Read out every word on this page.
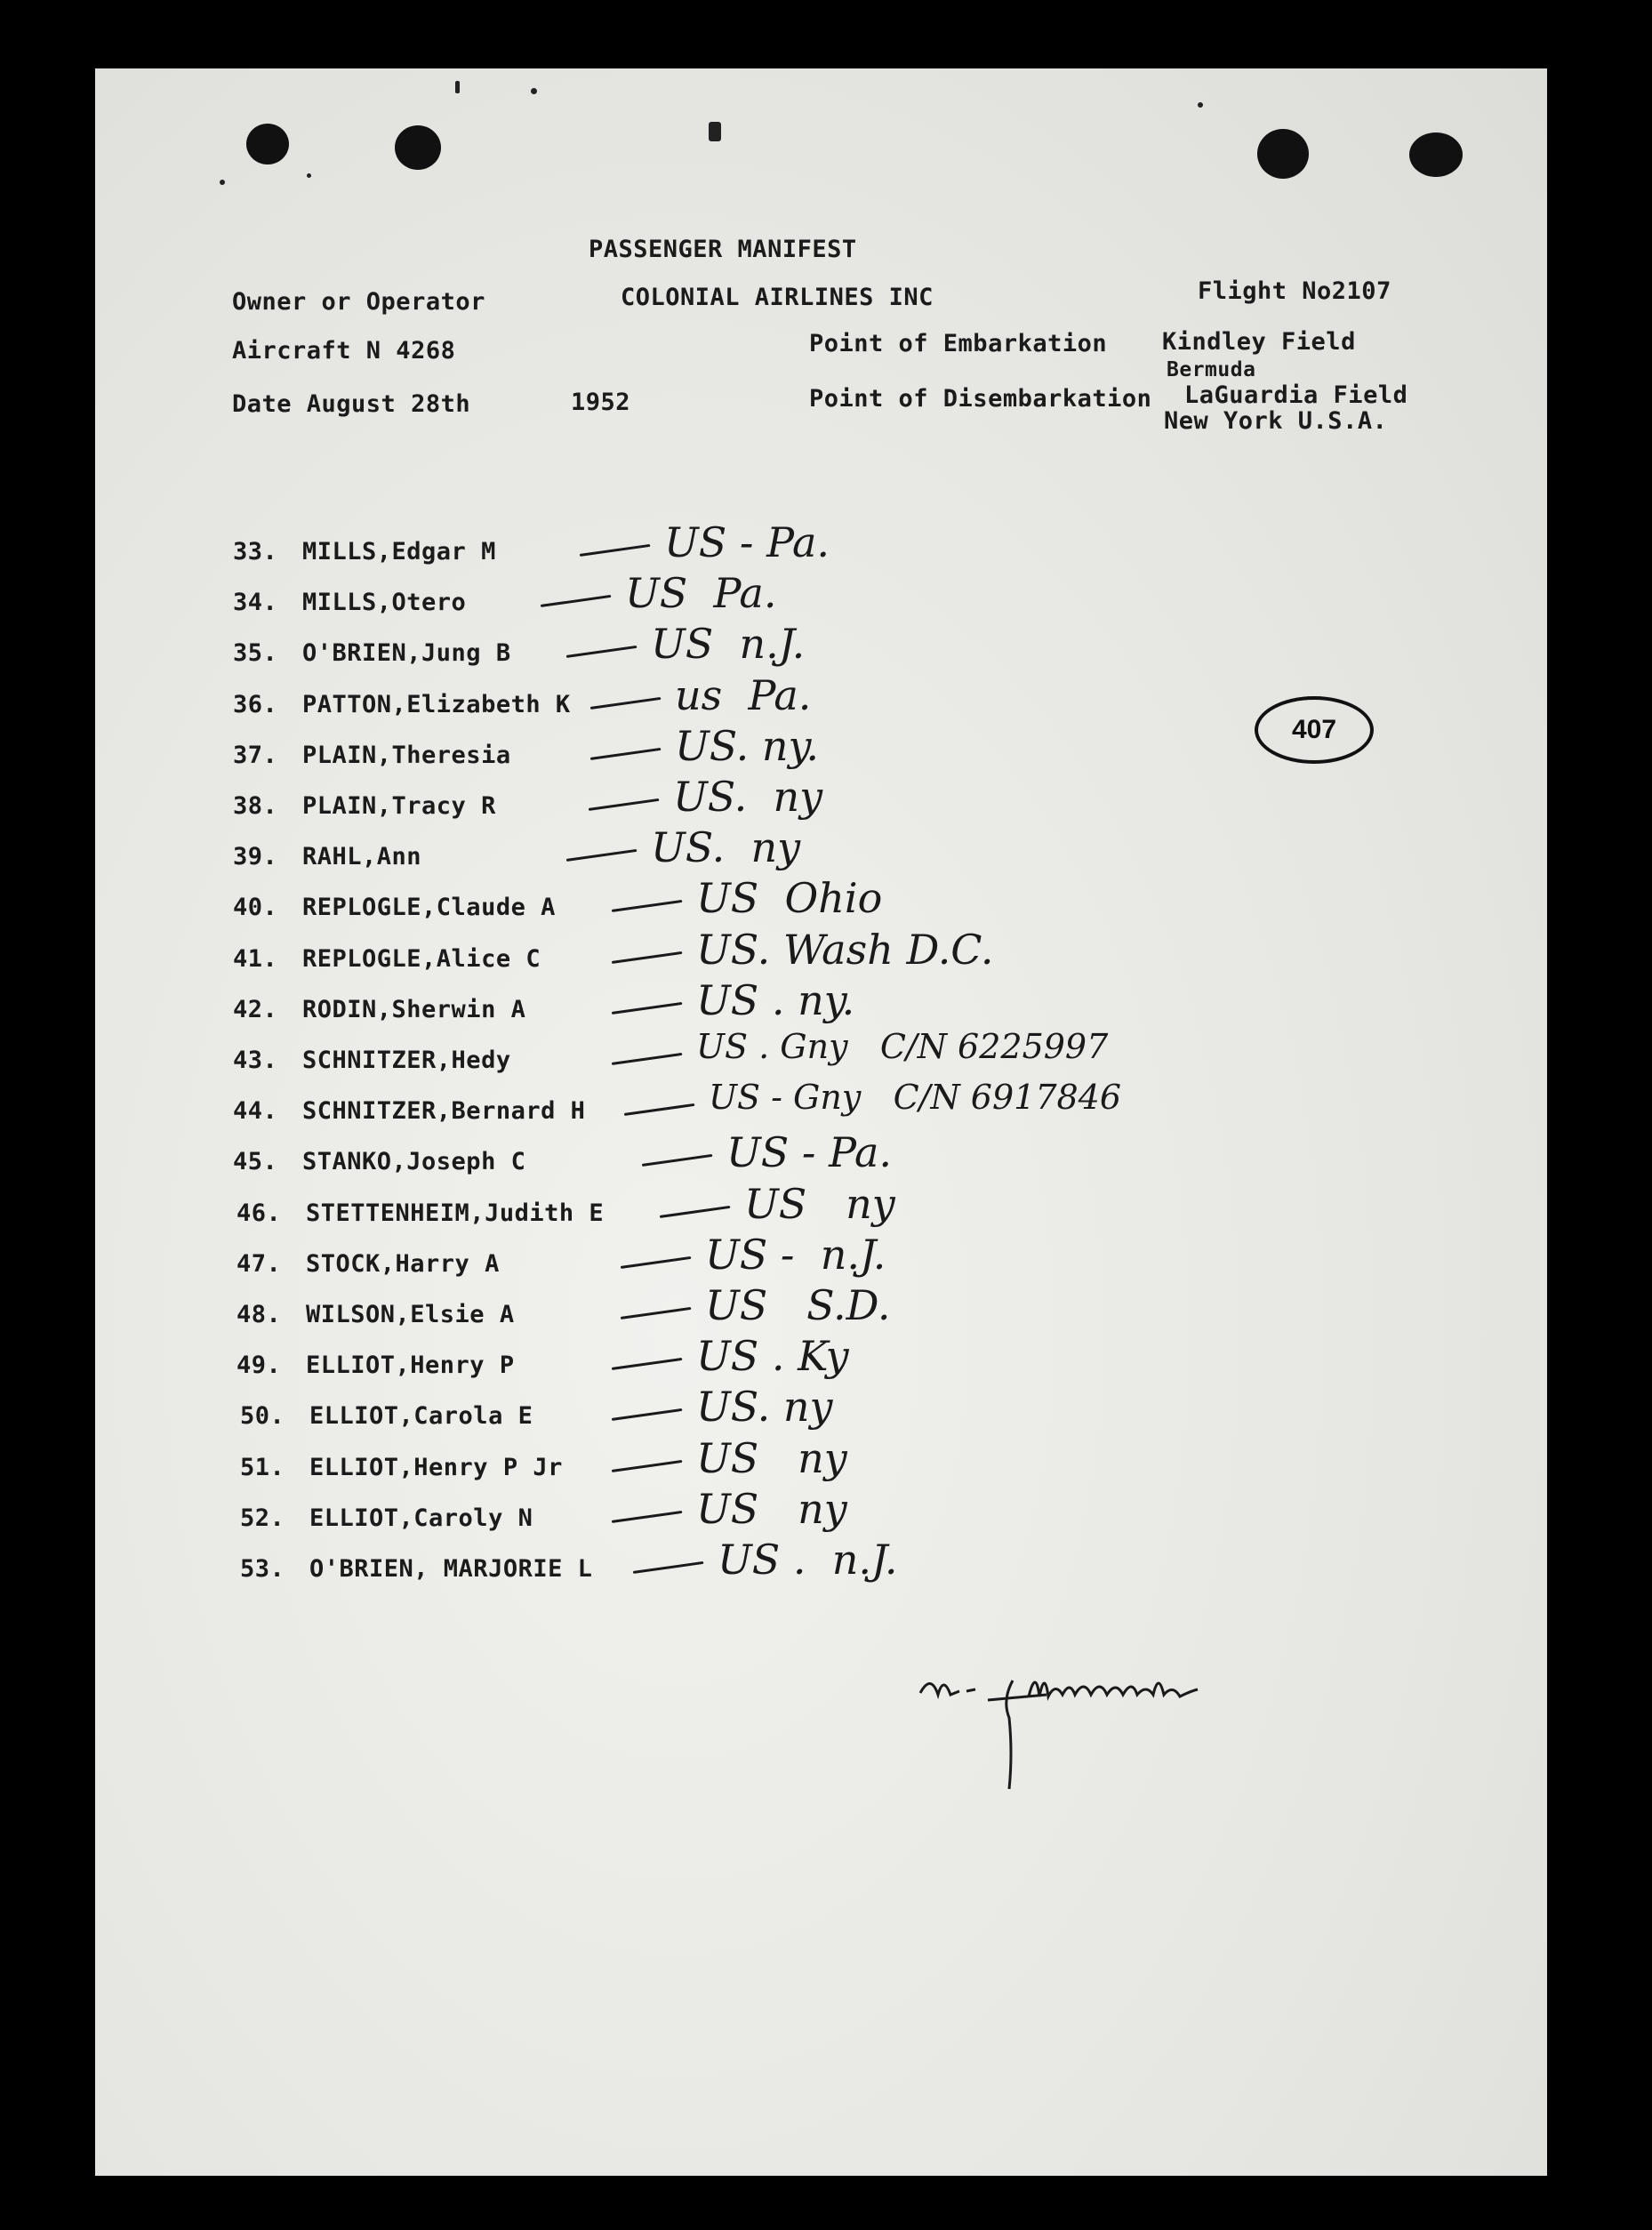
PASSENGER MANIFEST
Owner or Operator	COLONIAL AIRLINES INC	Flight No2107
Aircraft N 4268	Point of Embarkation Kindley Field
Bermuda
Date August 28th	1952	Point of Disembarkation LaGuardia Field
New York U.S.A.
407
33. MILLS,Edgar M	US - Pa.
34. MILLS,Otero	US  Pa.
35. O'BRIEN,Jung B	US  n.J.
36. PATTON,Elizabeth K	us  Pa.
37. PLAIN,Theresia	US. ny.
38. PLAIN,Tracy R	US.  ny
39. RAHL,Ann	US.  ny
40. REPLOGLE,Claude A	US  Ohio
41. REPLOGLE,Alice C	US. Wash D.C.
42. RODIN,Sherwin A	US . ny.
43. SCHNITZER,Hedy	US . Gny   C/N 6225997
44. SCHNITZER,Bernard H	US - Gny   C/N 6917846
45. STANKO,Joseph C	US - Pa.
46. STETTENHEIM,Judith E	US   ny
47. STOCK,Harry A	US -  n.J.
48. WILSON,Elsie A	US   S.D.
49. ELLIOT,Henry P	US . Ky
50. ELLIOT,Carola E	US. ny
51. ELLIOT,Henry P Jr	US   ny
52. ELLIOT,Caroly N	US   ny
53. O'BRIEN, MARJORIE L	US .  n.J.
